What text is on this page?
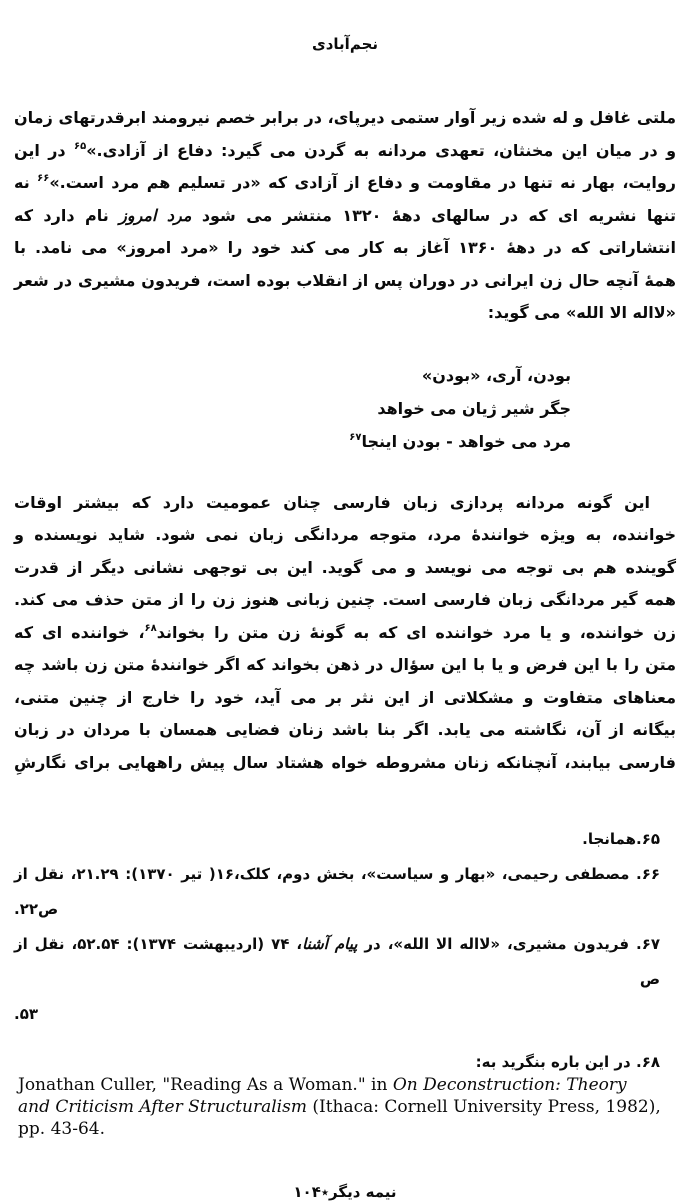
نجم‌آبادی
ملتی غافل و له شده زیر آوار ستمی دیرپای، در برابر خصم نیرومند ابرقدرتهای زمان
و در میان این مخنثان، تعهدی مردانه به گردن می گیرد: دفاع از آزادی.»$^{۶۵}$ در این
روایت، بهار نه تنها در مقاومت و دفاع از آزادی که «در تسلیم هم مرد است.»$^{۶۶}$ نه
تنها نشریه ای که در سالهای دهۀ ۱۳۲۰ منتشر می شود مرد امروز نام دارد که
انتشاراتی که در دهۀ ۱۳۶۰ آغاز به کار می کند خود را «مرد امروز» می نامد. با
همۀ آنچه حال زن ایرانی در دوران پس از انقلاب بوده است، فریدون مشیری در شعر
«لااله الا الله» می گوید:
بودن، آری، «بودن»
جگر شیر ژیان می خواهد
مرد می خواهد - بودن اینجا$^{۶۷}$
این گونه مردانه پردازی زبان فارسی چنان عمومیت دارد که بیشتر اوقات
خواننده، به ویژه خوانندۀ مرد، متوجه مردانگی زبان نمی شود. شاید نویسنده و
گوینده هم بی توجه می نویسد و می گوید. این بی توجهی نشانی دیگر از قدرت
همه گیر مردانگی زبان فارسی است. چنین زبانی هنوز زن را از متن حذف می کند.
زن خواننده، و یا مرد خواننده ای که به گونۀ زن متن را بخواند$^{۶۸}$، خواننده ای که
متن را با این فرض و یا با این سؤال در ذهن بخواند که اگر خوانندۀ متن زن باشد چه
معناهای متفاوت و مشکلاتی از این نثر بر می آید، خود را خارج از چنین متنی،
بیگانه از آن، نگاشته می یابد. اگر بنا باشد زنان فضایی همسان با مردان در زبان
فارسی بیابند، آنچنانکه زنان مشروطه خواه هشتاد سال پیش راههایی برای نگارشِ
۶۵.همانجا.
۶۶. مصطفی رحیمی، «بهار و سیاست»، بخش دوم، کلک،۱۶( تیر ۱۳۷۰): ۲۱.۲۹، نقل از
ص۲۲.
۶۷. فریدون مشیری، «لااله الا الله»، در پیام آشنا، ۷۴ (اردیبهشت ۱۳۷۴): ۵۲.۵۴، نقل از ص
۵۳.
۶۸. در این باره بنگرید به:
Jonathan Culler, "Reading As a Woman." in On Deconstruction: Theory
and Criticism After Structuralism (Ithaca: Cornell University Press, 1982),
pp. 43-64.
نیمه دیگر٭۱۰۴
